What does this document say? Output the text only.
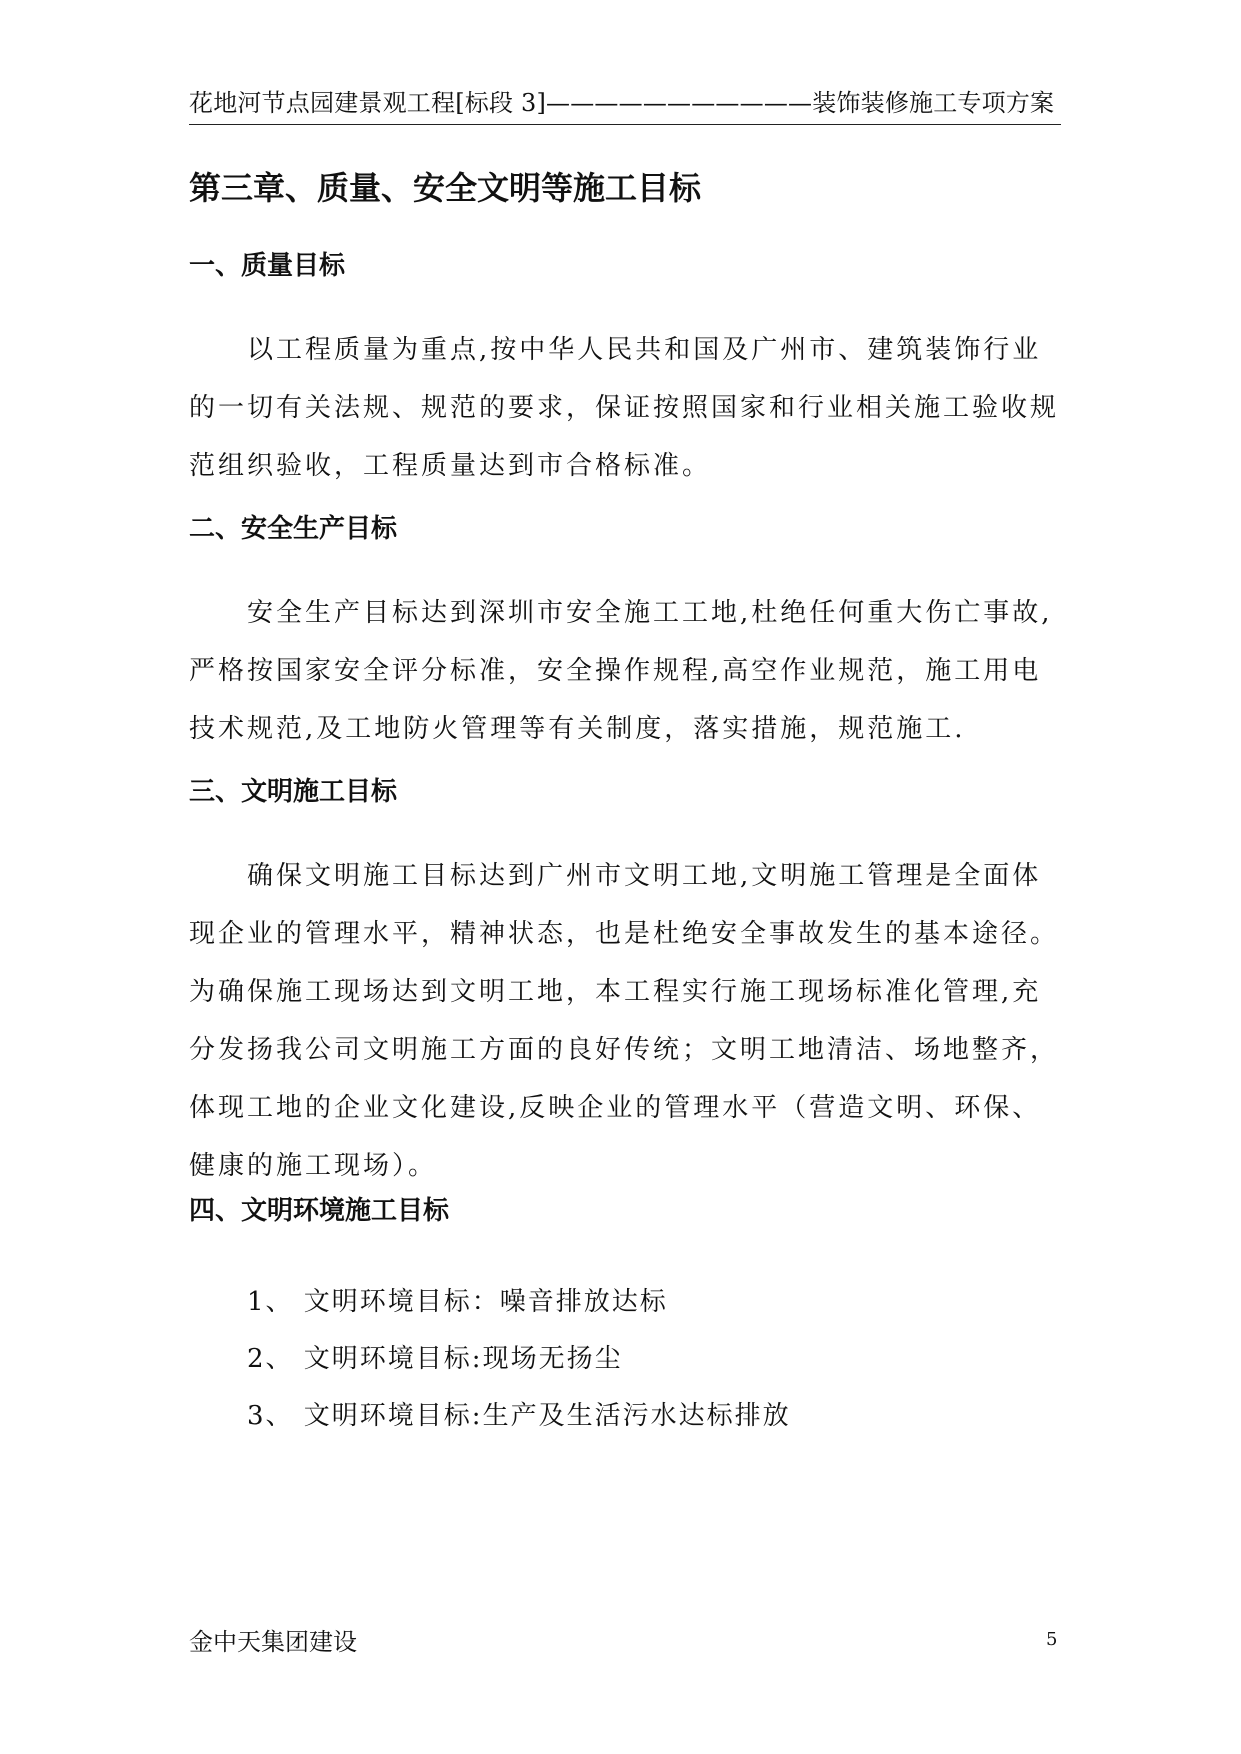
花地河节点园建景观工程[标段 3]———————————装饰装修施工专项方案
第三章、质量、安全文明等施工目标
一、质量目标
以工程质量为重点,按中华人民共和国及广州市、建筑装饰行业
的一切有关法规、规范的要求，保证按照国家和行业相关施工验收规
范组织验收，工程质量达到市合格标准。
二、安全生产目标
安全生产目标达到深圳市安全施工工地,杜绝任何重大伤亡事故,
严格按国家安全评分标准，安全操作规程,高空作业规范，施工用电
技术规范,及工地防火管理等有关制度，落实措施，规范施工.
三、文明施工目标
确保文明施工目标达到广州市文明工地,文明施工管理是全面体
现企业的管理水平，精神状态，也是杜绝安全事故发生的基本途径。
为确保施工现场达到文明工地，本工程实行施工现场标准化管理,充
分发扬我公司文明施工方面的良好传统；文明工地清洁、场地整齐，
体现工地的企业文化建设,反映企业的管理水平（营造文明、环保、
健康的施工现场）。
四、文明环境施工目标

1、 文明环境目标：噪音排放达标

2、 文明环境目标:现场无扬尘

3、 文明环境目标:生产及生活污水达标排放

金中天集团建设	5
